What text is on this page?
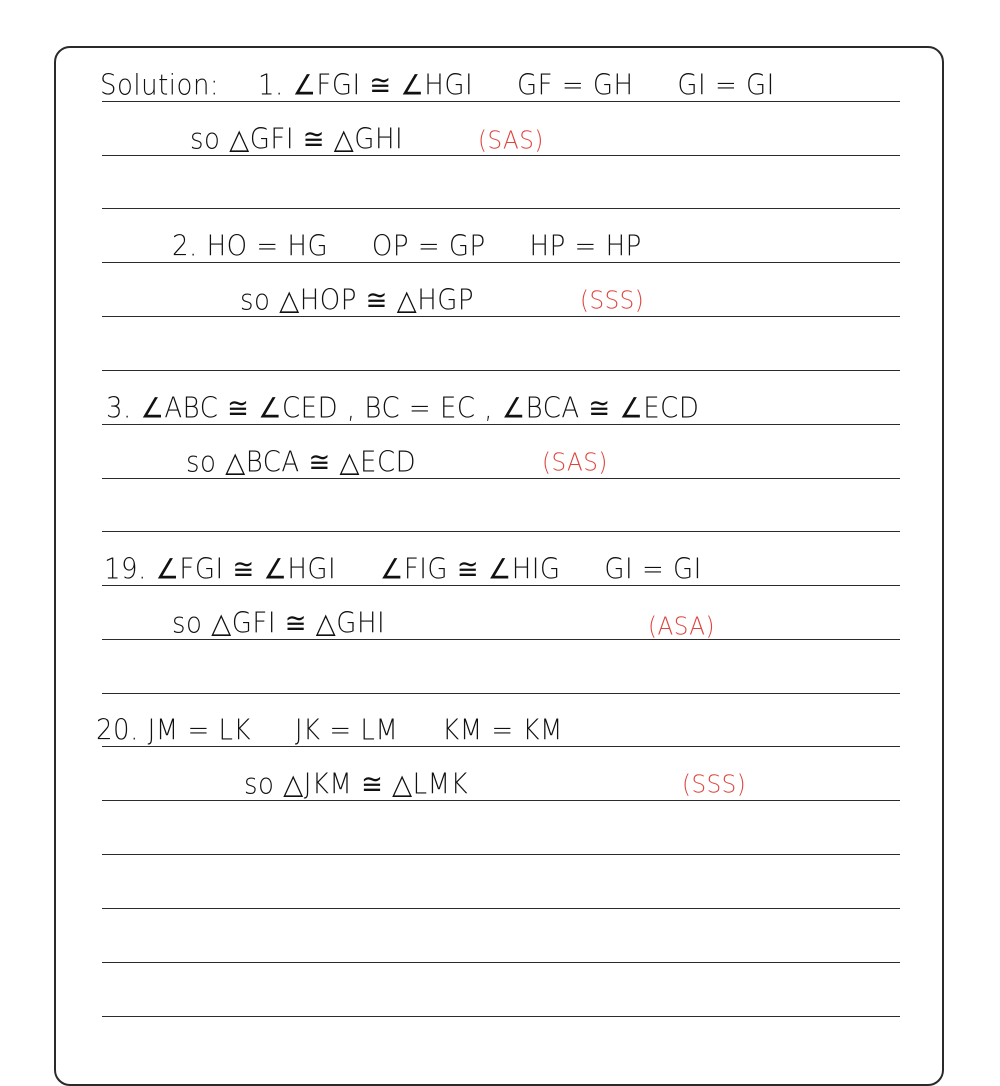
Solution: 1. ∠FGI ≅ ∠HGI     GF = GH     GI = GI
so △GFI ≅ △GHI	(SAS)
2. HO = HG     OP = GP     HP = HP
so △HOP ≅ △HGP	(SSS)
3. ∠ABC ≅ ∠CED , BC = EC , ∠BCA ≅ ∠ECD
so △BCA ≅ △ECD	(SAS)
19. ∠FGI ≅ ∠HGI     ∠FIG ≅ ∠HIG     GI = GI
so △GFI ≅ △GHI	(ASA)
20. JM = LK     JK = LM     KM = KM
so △JKM ≅ △LMK	(SSS)
